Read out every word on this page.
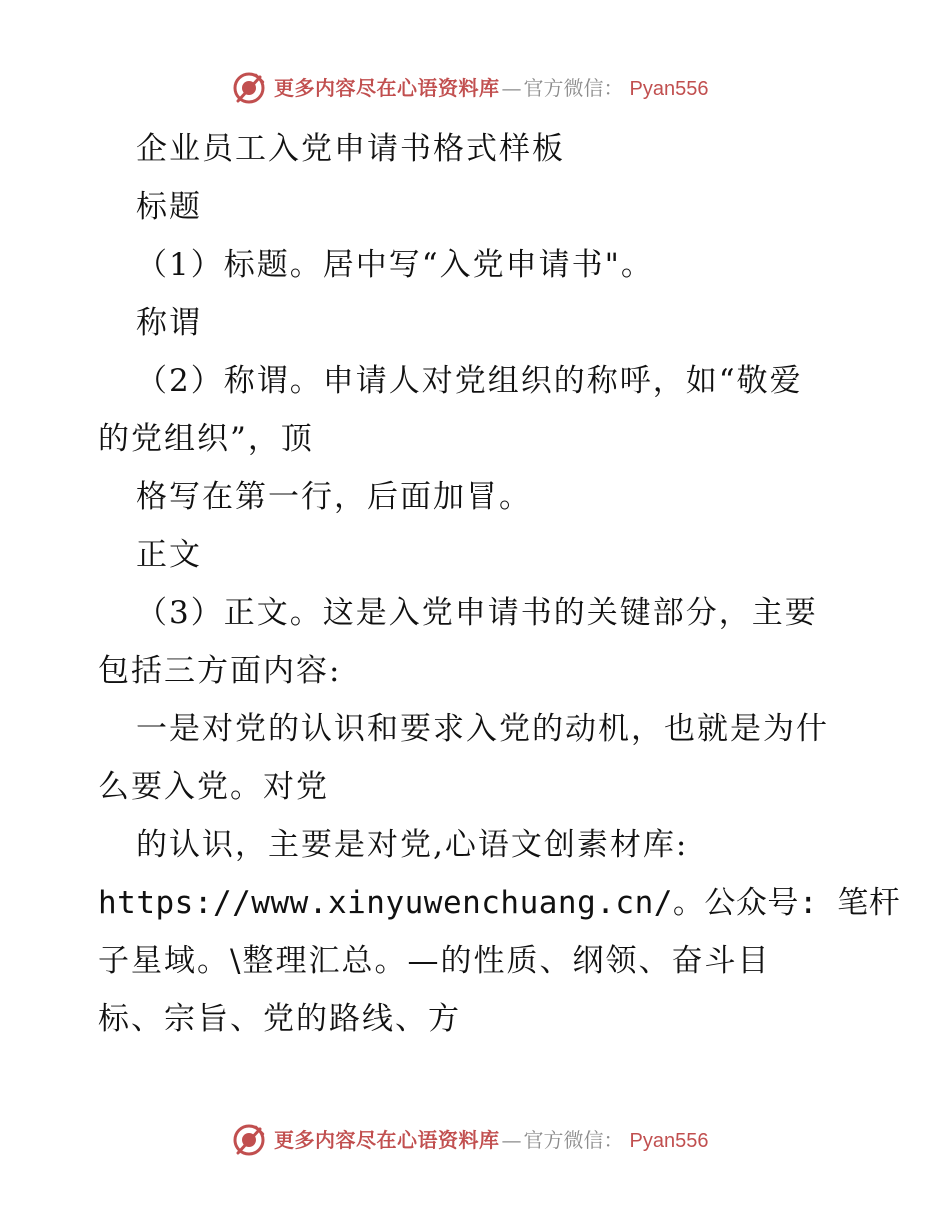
更多内容尽在心语资料库 — 官方微信： Pyan556
企业员工入党申请书格式样板
标题
（1）标题。居中写“入党申请书"。
称谓
（2）称谓。申请人对党组织的称呼，如“敬爱
的党组织”，顶
格写在第一行，后面加冒。
正文
（3）正文。这是入党申请书的关键部分，主要
包括三方面内容:
一是对党的认识和要求入党的动机，也就是为什
么要入党。对党
的认识，主要是对党,心语文创素材库:
https://www.xinyuwenchuang.cn/。公众号: 笔杆
子星域。\整理汇总。—的性质、纲领、奋斗目
标、宗旨、党的路线、方
更多内容尽在心语资料库 — 官方微信： Pyan556
